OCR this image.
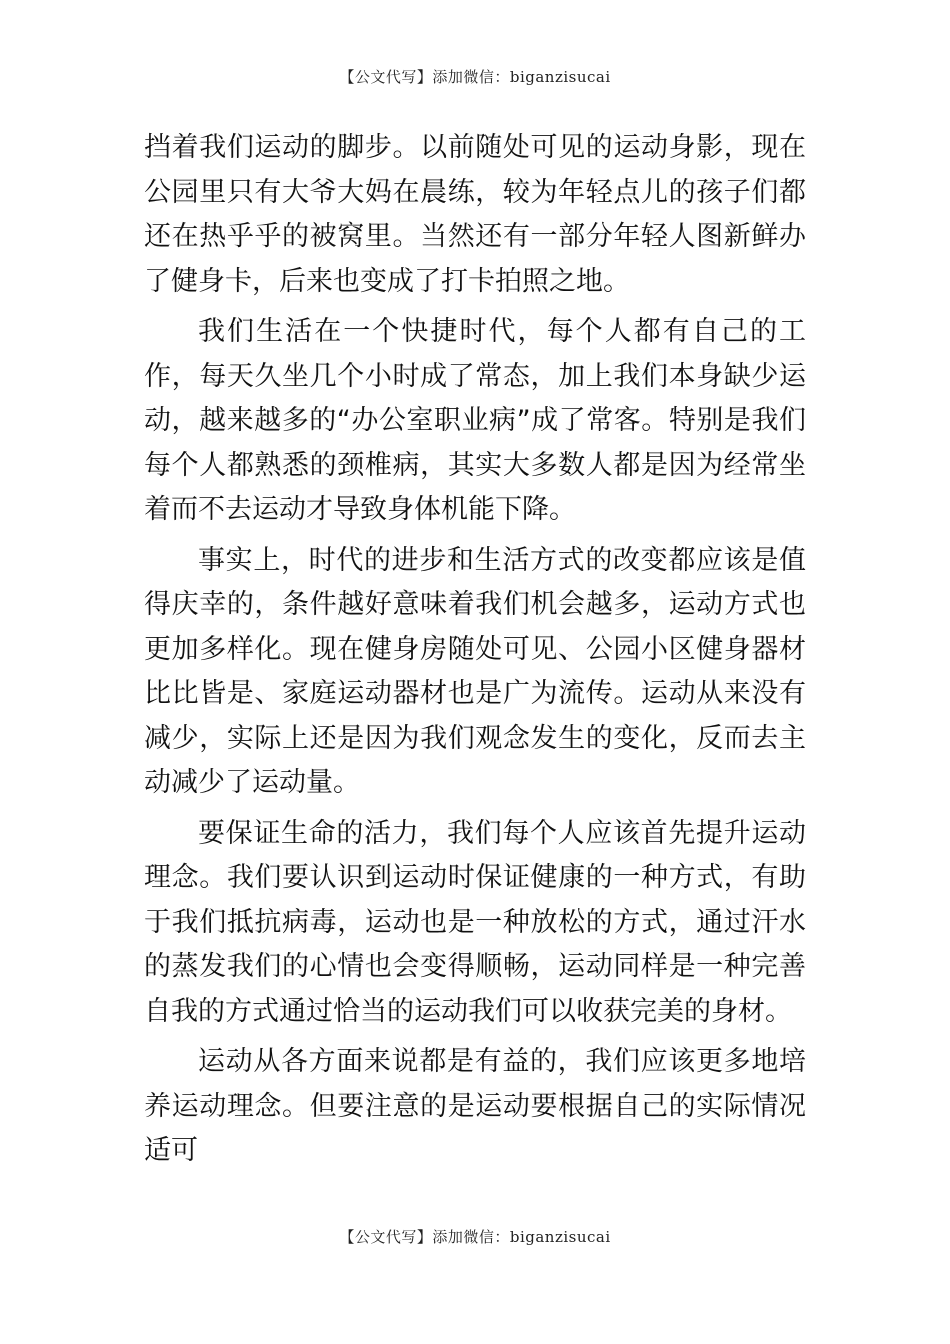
【公文代写】添加微信：biganzisucai

挡着我们运动的脚步。以前随处可见的运动身影，现在公园里只有大爷大妈在晨练，较为年轻点儿的孩子们都还在热乎乎的被窝里。当然还有一部分年轻人图新鲜办了健身卡，后来也变成了打卡拍照之地。

我们生活在一个快捷时代，每个人都有自己的工作，每天久坐几个小时成了常态，加上我们本身缺少运动，越来越多的“办公室职业病”成了常客。特别是我们每个人都熟悉的颈椎病，其实大多数人都是因为经常坐着而不去运动才导致身体机能下降。

事实上，时代的进步和生活方式的改变都应该是值得庆幸的，条件越好意味着我们机会越多，运动方式也更加多样化。现在健身房随处可见、公园小区健身器材比比皆是、家庭运动器材也是广为流传。运动从来没有减少，实际上还是因为我们观念发生的变化，反而去主动减少了运动量。

要保证生命的活力，我们每个人应该首先提升运动理念。我们要认识到运动时保证健康的一种方式，有助于我们抵抗病毒，运动也是一种放松的方式，通过汗水的蒸发我们的心情也会变得顺畅，运动同样是一种完善自我的方式通过恰当的运动我们可以收获完美的身材。

运动从各方面来说都是有益的，我们应该更多地培养运动理念。但要注意的是运动要根据自己的实际情况适可

【公文代写】添加微信：biganzisucai
